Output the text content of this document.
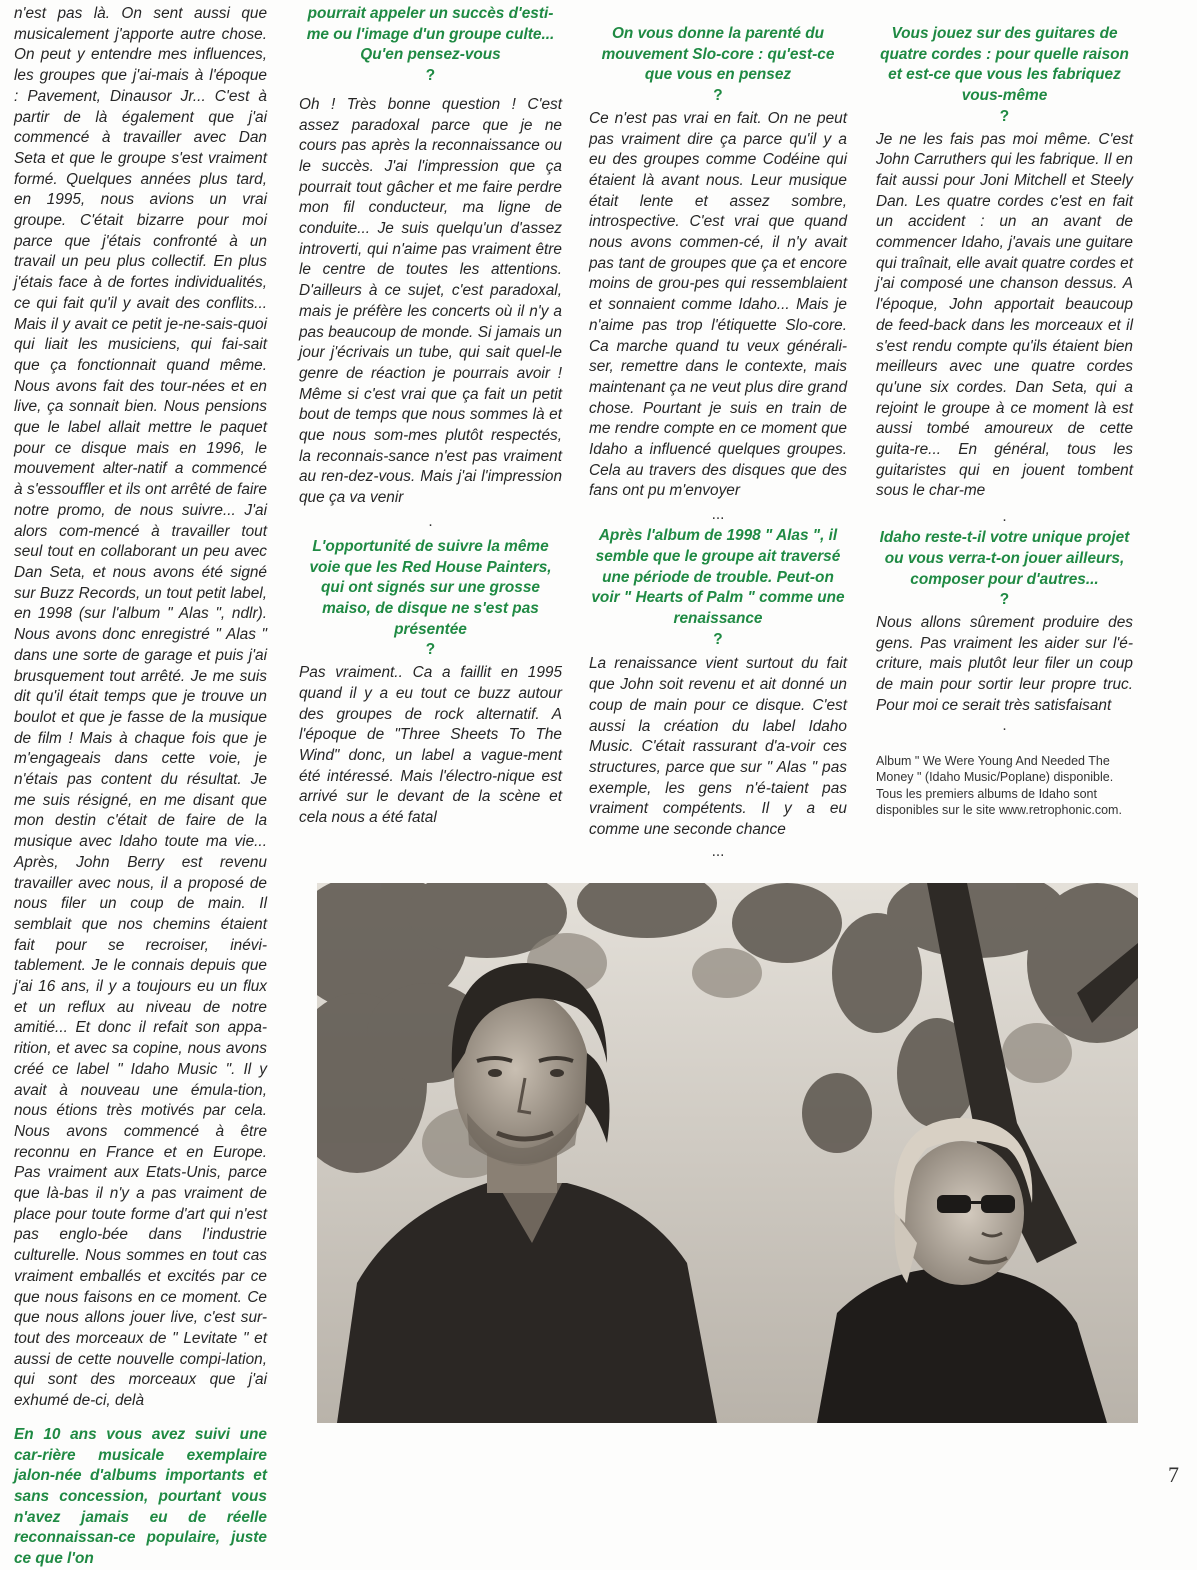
n'est pas là. On sent aussi que musicalement j'apporte autre chose. On peut y entendre mes influences, les groupes que j'ai-mais à l'époque : Pavement, Dinausor Jr... C'est à partir de là également que j'ai commencé à travailler avec Dan Seta et que le groupe s'est vraiment formé. Quelques années plus tard, en 1995, nous avions un vrai groupe. C'était bizarre pour moi parce que j'étais confronté à un travail un peu plus collectif. En plus j'étais face à de fortes individualités, ce qui fait qu'il y avait des conflits... Mais il y avait ce petit je-ne-sais-quoi qui liait les musiciens, qui fai-sait que ça fonctionnait quand même. Nous avons fait des tour-nées et en live, ça sonnait bien. Nous pensions que le label allait mettre le paquet pour ce disque mais en 1996, le mouvement alter-natif a commencé à s'essouffler et ils ont arrêté de faire notre promo, de nous suivre... J'ai alors com-mencé à travailler tout seul tout en collaborant un peu avec Dan Seta, et nous avons été signé sur Buzz Records, un tout petit label, en 1998 (sur l'album " Alas ", ndlr). Nous avons donc enregistré " Alas " dans une sorte de garage et puis j'ai brusquement tout arrêté. Je me suis dit qu'il était temps que je trouve un boulot et que je fasse de la musique de film ! Mais à chaque fois que je m'engageais dans cette voie, je n'étais pas content du résultat. Je me suis résigné, en me disant que mon destin c'était de faire de la musique avec Idaho toute ma vie... Après, John Berry est revenu travailler avec nous, il a proposé de nous filer un coup de main. Il semblait que nos chemins étaient fait pour se recroiser, inévi-tablement. Je le connais depuis que j'ai 16 ans, il y a toujours eu un flux et un reflux au niveau de notre amitié... Et donc il refait son appa-rition, et avec sa copine, nous avons créé ce label " Idaho Music ". Il y avait à nouveau une émula-tion, nous étions très motivés par cela. Nous avons commencé à être reconnu en France et en Europe. Pas vraiment aux Etats-Unis, parce que là-bas il n'y a pas vraiment de place pour toute forme d'art qui n'est pas englo-bée dans l'industrie culturelle. Nous sommes en tout cas vraiment emballés et excités par ce que nous faisons en ce moment. Ce que nous allons jouer live, c'est sur-tout des morceaux de " Levitate " et aussi de cette nouvelle compi-lation, qui sont des morceaux que j'ai exhumé de-ci, delà

En 10 ans vous avez suivi une car-rière musicale exemplaire jalon-née d'albums importants et sans concession, pourtant vous n'avez jamais eu de réelle reconnaissan-ce populaire, juste ce que l'on

pourrait appeler un succès d'esti-me ou l'image d'un groupe culte... Qu'en pensez-vous

?

Oh ! Très bonne question ! C'est assez paradoxal parce que je ne cours pas après la reconnaissance ou le succès. J'ai l'impression que ça pourrait tout gâcher et me faire perdre mon fil conducteur, ma ligne de conduite... Je suis quelqu'un d'assez introverti, qui n'aime pas vraiment être le centre de toutes les attentions. D'ailleurs à ce sujet, c'est paradoxal, mais je préfère les concerts où il n'y a pas beaucoup de monde. Si jamais un jour j'écrivais un tube, qui sait quel-le genre de réaction je pourrais avoir ! Même si c'est vrai que ça fait un petit bout de temps que nous sommes là et que nous som-mes plutôt respectés, la reconnais-sance n'est pas vraiment au ren-dez-vous. Mais j'ai l'impression que ça va venir

.

L'opportunité de suivre la même voie que les Red House Painters, qui ont signés sur une grosse maiso, de disque ne s'est pas présentée

?

Pas vraiment.. Ca a faillit en 1995 quand il y a eu tout ce buzz autour des groupes de rock alternatif. A l'époque de "Three Sheets To The Wind" donc, un label a vague-ment été intéressé. Mais l'électro-nique est arrivé sur le devant de la scène et cela nous a été fatal

On vous donne la parenté du mouvement Slo-core : qu'est-ce que vous en pensez

?

Ce n'est pas vrai en fait. On ne peut pas vraiment dire ça parce qu'il y a eu des groupes comme Codéine qui étaient là avant nous. Leur musique était lente et assez sombre, introspective. C'est vrai que quand nous avons commen-cé, il n'y avait pas tant de groupes que ça et encore moins de grou-pes qui ressemblaient et sonnaient comme Idaho... Mais je n'aime pas trop l'étiquette Slo-core. Ca marche quand tu veux générali-ser, remettre dans le contexte, mais maintenant ça ne veut plus dire grand chose. Pourtant je suis en train de me rendre compte en ce moment que Idaho a influencé quelques groupes. Cela au travers des disques que des fans ont pu m'envoyer

...

Après l'album de 1998 " Alas ", il semble que le groupe ait traversé une période de trouble. Peut-on voir " Hearts of Palm " comme une renaissance

?

La renaissance vient surtout du fait que John soit revenu et ait donné un coup de main pour ce disque. C'est aussi la création du label Idaho Music. C'était rassurant d'a-voir ces structures, parce que sur " Alas " pas exemple, les gens n'é-taient pas vraiment compétents. Il y a eu comme une seconde chance

...

Vous jouez sur des guitares de quatre cordes : pour quelle raison et est-ce que vous les fabriquez vous-même

?

Je ne les fais pas moi même. C'est John Carruthers qui les fabrique. Il en fait aussi pour Joni Mitchell et Steely Dan. Les quatre cordes c'est en fait un accident : un an avant de commencer Idaho, j'avais une guitare qui traînait, elle avait quatre cordes et j'ai composé une chanson dessus. A l'époque, John apportait beaucoup de feed-back dans les morceaux et il s'est rendu compte qu'ils étaient bien meilleurs avec une quatre cordes qu'une six cordes. Dan Seta, qui a rejoint le groupe à ce moment là est aussi tombé amoureux de cette guita-re... En général, tous les guitaristes qui en jouent tombent sous le char-me

.

Idaho reste-t-il votre unique projet ou vous verra-t-on jouer ailleurs, composer pour d'autres...

?

Nous allons sûrement produire des gens. Pas vraiment les aider sur l'é-criture, mais plutôt leur filer un coup de main pour sortir leur propre truc. Pour moi ce serait très satisfaisant

.

Album " We Were Young And Needed The Money " (Idaho Music/Poplane) disponible. Tous les premiers albums de Idaho sont disponibles sur le site www.retrophonic.com.

7
